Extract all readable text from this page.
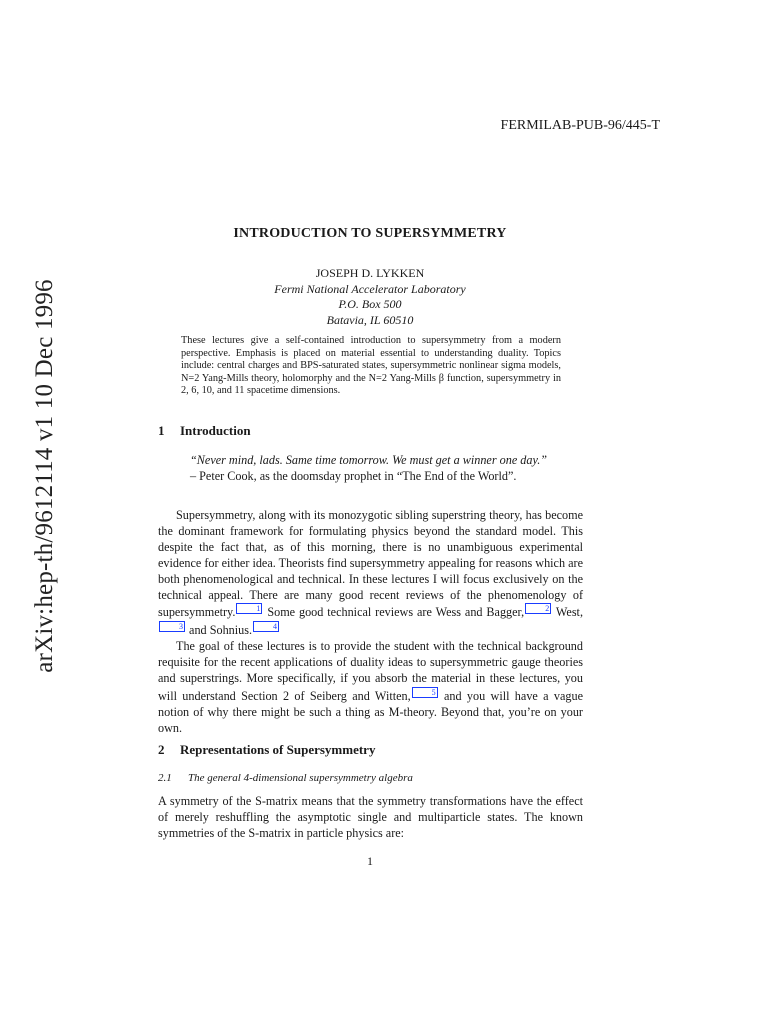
arXiv:hep-th/9612114 v1 10 Dec 1996
FERMILAB-PUB-96/445-T
INTRODUCTION TO SUPERSYMMETRY
JOSEPH D. LYKKEN
Fermi National Accelerator Laboratory
P.O. Box 500
Batavia, IL 60510
These lectures give a self-contained introduction to supersymmetry from a modern perspective. Emphasis is placed on material essential to understanding duality. Topics include: central charges and BPS-saturated states, supersymmetric nonlinear sigma models, N=2 Yang-Mills theory, holomorphy and the N=2 Yang-Mills β function, supersymmetry in 2, 6, 10, and 11 spacetime dimensions.
1 Introduction
“Never mind, lads. Same time tomorrow. We must get a winner one day.”
– Peter Cook, as the doomsday prophet in “The End of the World”.

Supersymmetry, along with its monozygotic sibling superstring theory, has become the dominant framework for formulating physics beyond the standard model. This despite the fact that, as of this morning, there is no unambiguous experimental evidence for either idea. Theorists find supersymmetry appealing for reasons which are both phenomenological and technical. In these lectures I will focus exclusively on the technical appeal. There are many good recent reviews of the phenomenology of supersymmetry.	1 Some good technical reviews are Wess and Bagger,	2 West,3 and Sohnius.	4

The goal of these lectures is to provide the student with the technical background requisite for the recent applications of duality ideas to supersymmetric gauge theories and superstrings. More specifically, if you absorb the material in these lectures, you will understand Section 2 of Seiberg and Witten,	5 and you will have a vague notion of why there might be such a thing as M-theory. Beyond that, you’re on your own.

2 Representations of Supersymmetry
2.1 The general 4-dimensional supersymmetry algebra

A symmetry of the S-matrix means that the symmetry transformations have the effect of merely reshuffling the asymptotic single and multiparticle states. The known symmetries of the S-matrix in particle physics are:

1
